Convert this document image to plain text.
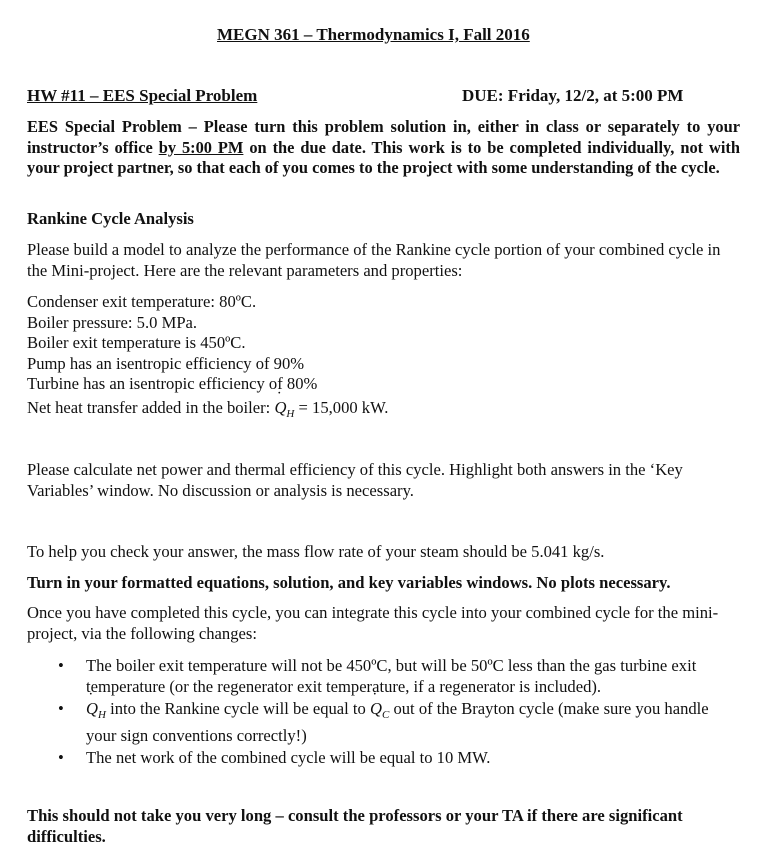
MEGN 361 – Thermodynamics I, Fall 2016
HW #11 – EES Special Problem	DUE: Friday, 12/2, at 5:00 PM
EES Special Problem – Please turn this problem solution in, either in class or separately to your instructor’s office by 5:00 PM on the due date. This work is to be completed individually, not with your project partner, so that each of you comes to the project with some understanding of the cycle.
Rankine Cycle Analysis
Please build a model to analyze the performance of the Rankine cycle portion of your combined cycle in the Mini-project. Here are the relevant parameters and properties:
Condenser exit temperature: 80ºC.
Boiler pressure: 5.0 MPa.
Boiler exit temperature is 450ºC.
Pump has an isentropic efficiency of 90%
Turbine has an isentropic efficiency of 80%
Net heat transfer added in the boiler: ˙ $Q_H = 15,000$ kW.
Please calculate net power and thermal efficiency of this cycle. Highlight both answers in the ‘Key Variables’ window. No discussion or analysis is necessary.
To help you check your answer, the mass flow rate of your steam should be 5.041 kg/s.
Turn in your formatted equations, solution, and key variables windows. No plots necessary.
Once you have completed this cycle, you can integrate this cycle into your combined cycle for the mini-project, via the following changes:
• The boiler exit temperature will not be 450ºC, but will be 50ºC less than the gas turbine exit temperature (or the regenerator exit temperature, if a regenerator is included).
•
˙ $Q_H$ into the Rankine cycle will be equal to ˙ $Q_C$ out of the Brayton cycle (make sure you handle your sign conventions correctly!)
• The net work of the combined cycle will be equal to 10 MW.
This should not take you very long – consult the professors or your TA if there are significant difficulties.
